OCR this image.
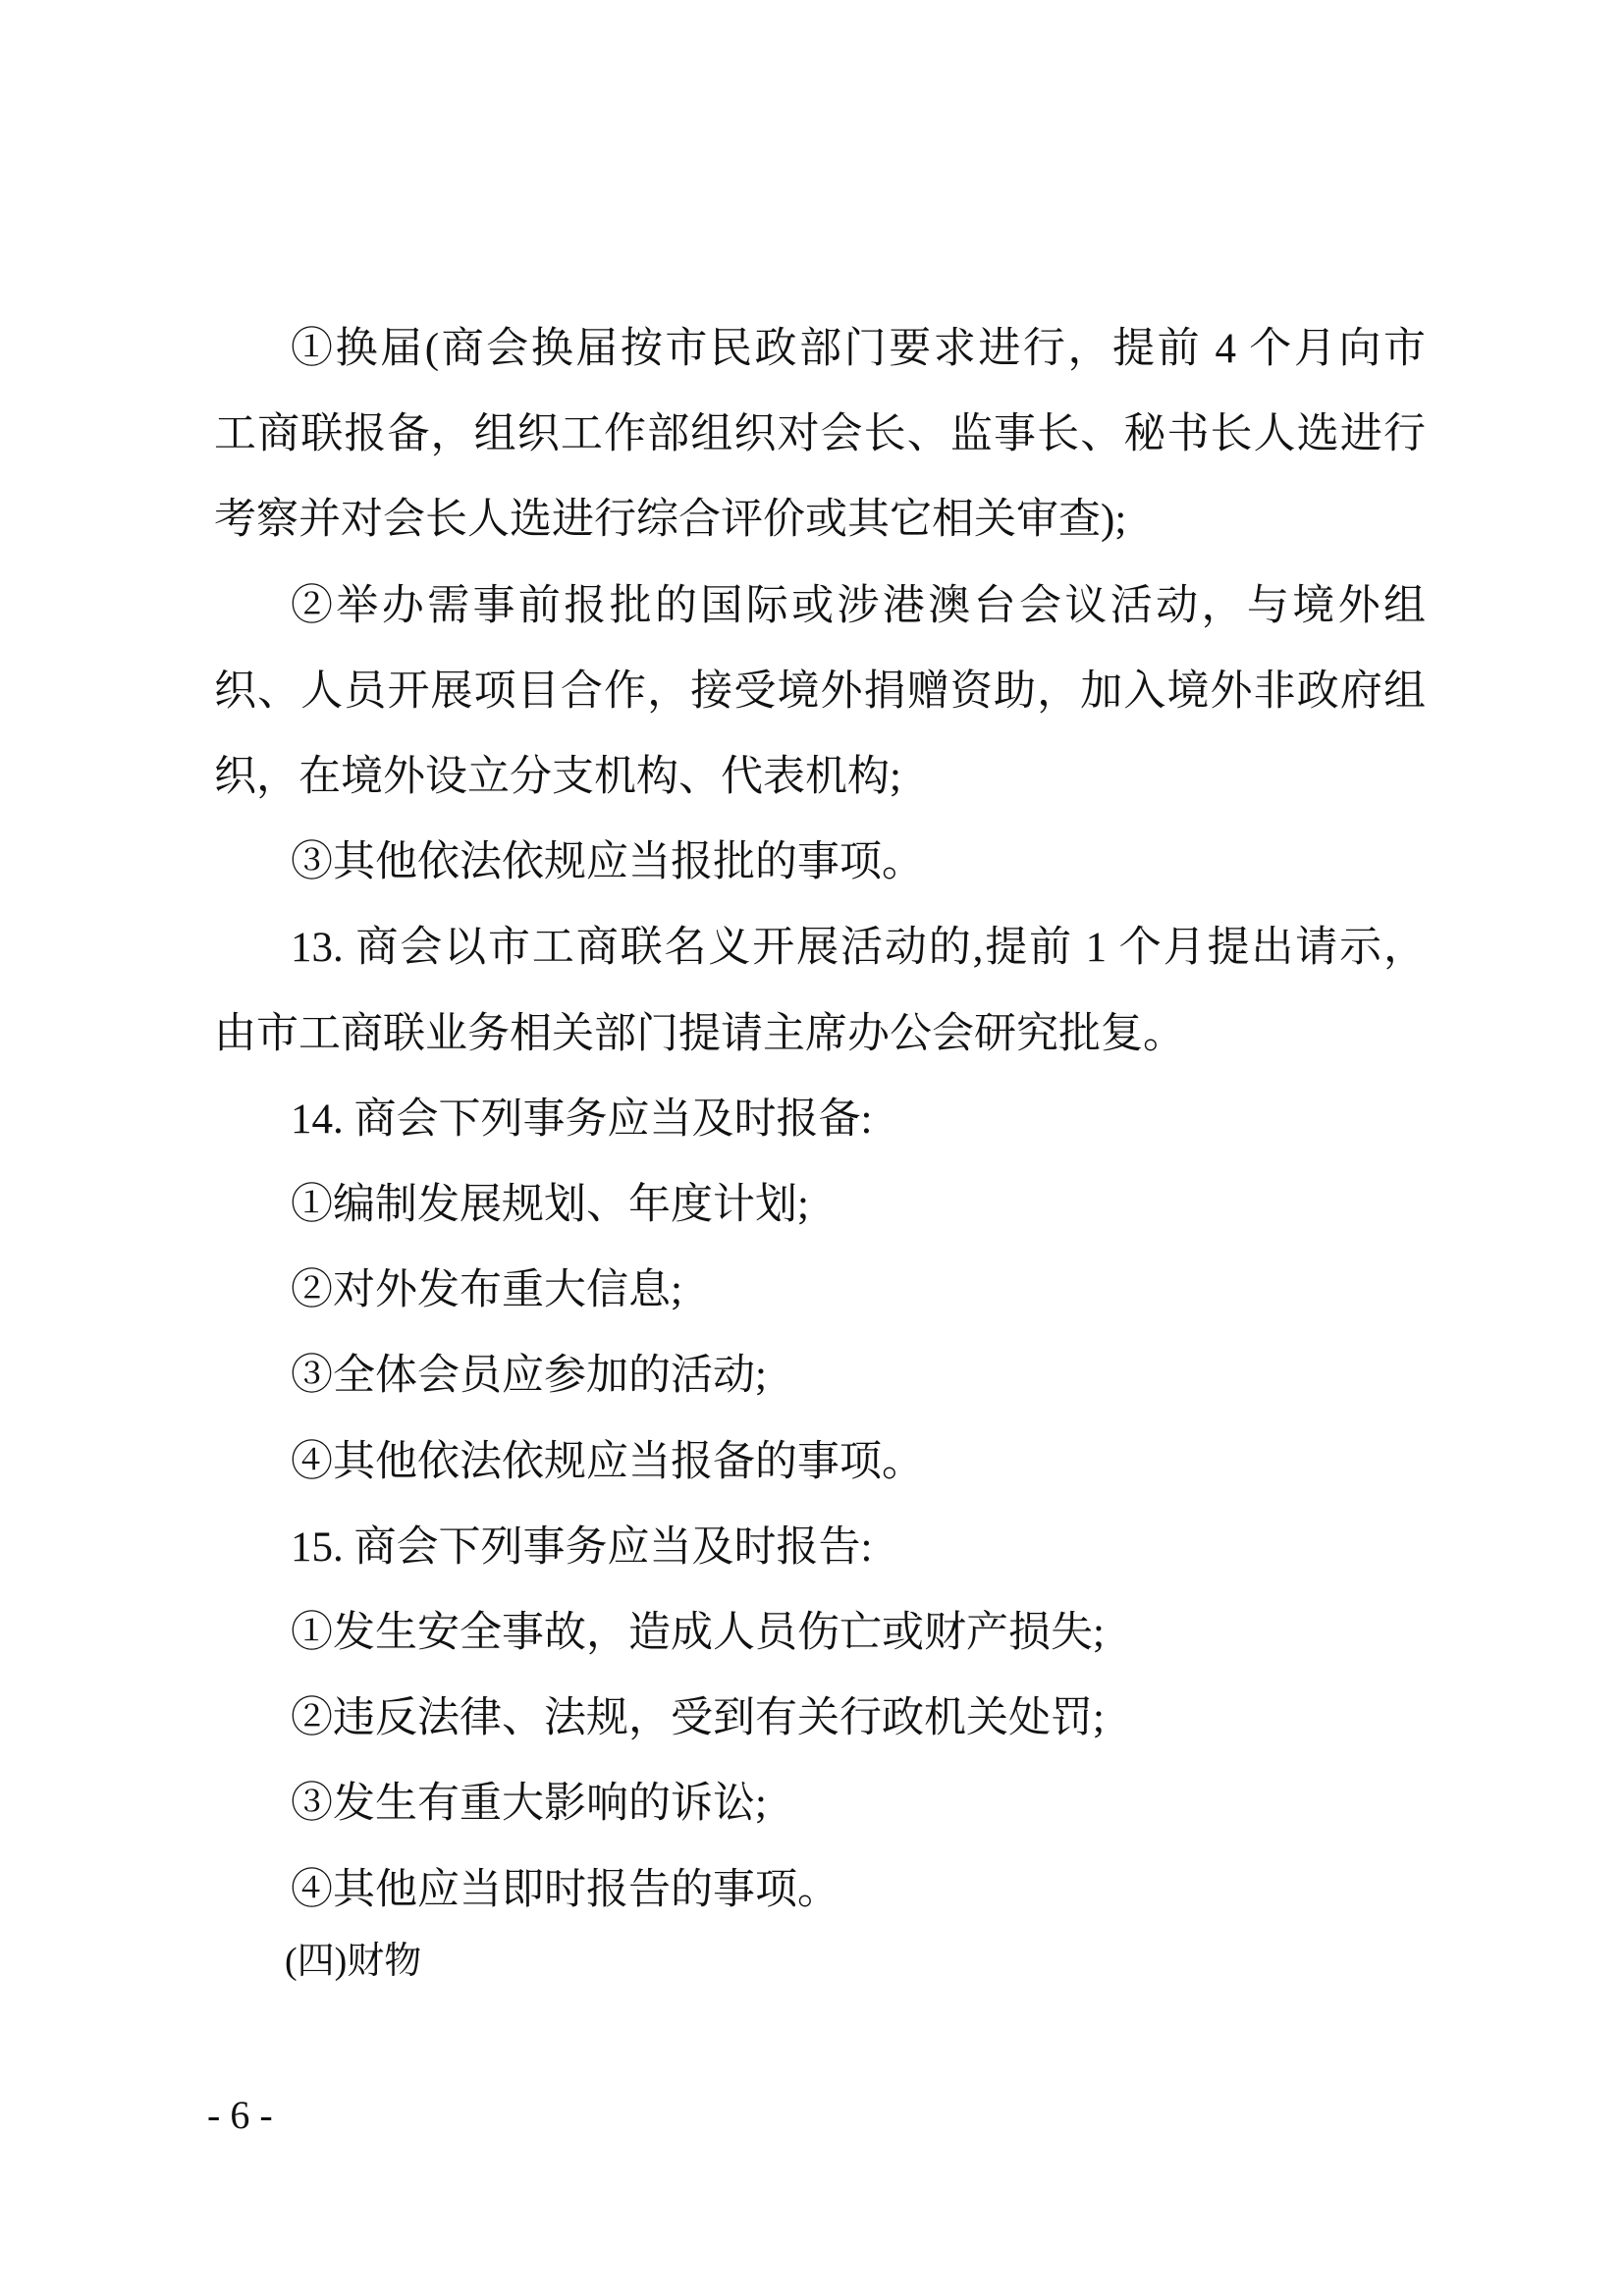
①换届(商会换届按市民政部门要求进行，提前 4 个月向市
工商联报备，组织工作部组织对会长、监事长、秘书长人选进行
考察并对会长人选进行综合评价或其它相关审查);
②举办需事前报批的国际或涉港澳台会议活动，与境外组
织、人员开展项目合作，接受境外捐赠资助，加入境外非政府组
织，在境外设立分支机构、代表机构;
③其他依法依规应当报批的事项。
13. 商会以市工商联名义开展活动的,提前 1 个月提出请示，
由市工商联业务相关部门提请主席办公会研究批复。
14. 商会下列事务应当及时报备:
①编制发展规划、年度计划;
②对外发布重大信息;
③全体会员应参加的活动;
④其他依法依规应当报备的事项。
15. 商会下列事务应当及时报告:
①发生安全事故，造成人员伤亡或财产损失;
②违反法律、法规，受到有关行政机关处罚;
③发生有重大影响的诉讼;
④其他应当即时报告的事项。
(四)财物
- 6 -
